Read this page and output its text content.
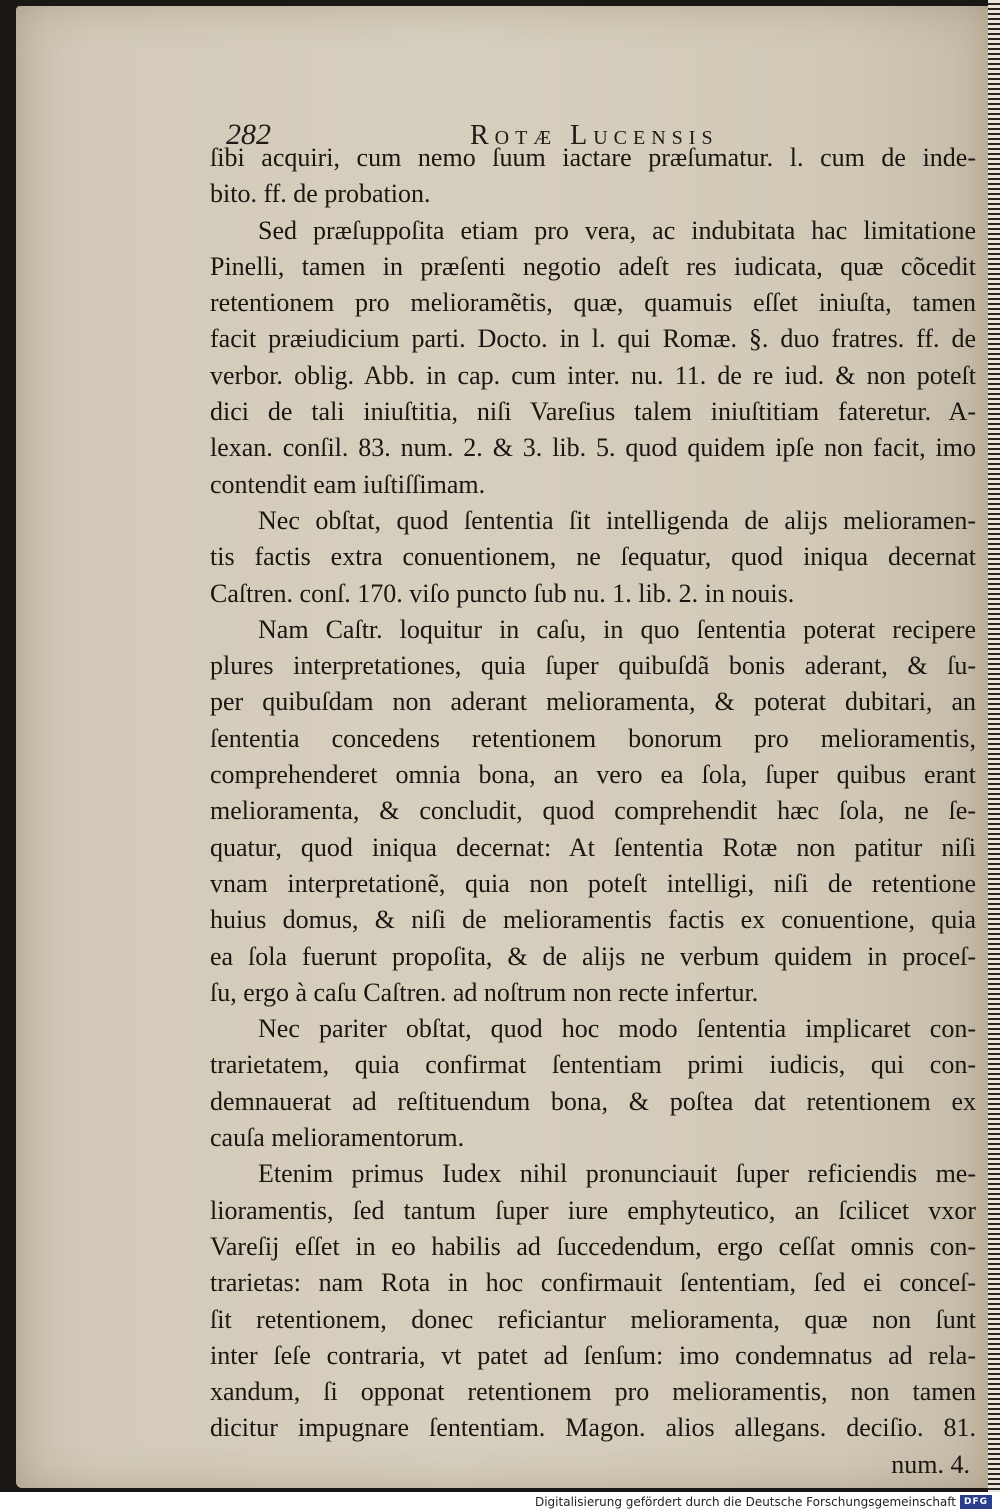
282	Rotæ Lucensis
ſibi acquiri, cum nemo ſuum iactare præſumatur. l. cum de inde-
bito. ff. de probation.
Sed præſuppoſita etiam pro vera, ac indubitata hac limitatione
Pinelli, tamen in præſenti negotio adeſt res iudicata, quæ cõcedit
retentionem pro melioramẽtis, quæ, quamuis eſſet iniuſta, tamen
facit præiudicium parti. Docto. in l. qui Romæ. §. duo fratres. ff. de
verbor. oblig. Abb. in cap. cum inter. nu. 11. de re iud. & non poteſt
dici de tali iniuſtitia, niſi Vareſius talem iniuſtitiam fateretur. A-
lexan. conſil. 83. num. 2. & 3. lib. 5. quod quidem ipſe non facit, imo
contendit eam iuſtiſſimam.
Nec obſtat, quod ſententia ſit intelligenda de alijs melioramen-
tis factis extra conuentionem, ne ſequatur, quod iniqua decernat
Caſtren. conſ. 170. viſo puncto ſub nu. 1. lib. 2. in nouis.
Nam Caſtr. loquitur in caſu, in quo ſententia poterat recipere
plures interpretationes, quia ſuper quibuſdã bonis aderant, & ſu-
per quibuſdam non aderant melioramenta, & poterat dubitari, an
ſententia concedens retentionem bonorum pro melioramentis,
comprehenderet omnia bona, an vero ea ſola, ſuper quibus erant
melioramenta, & concludit, quod comprehendit hæc ſola, ne ſe-
quatur, quod iniqua decernat: At ſententia Rotæ non patitur niſi
vnam interpretationẽ, quia non poteſt intelligi, niſi de retentione
huius domus, & niſi de melioramentis factis ex conuentione, quia
ea ſola fuerunt propoſita, & de alijs ne verbum quidem in proceſ-
ſu, ergo à caſu Caſtren. ad noſtrum non recte infertur.
Nec pariter obſtat, quod hoc modo ſententia implicaret con-
trarietatem, quia confirmat ſententiam primi iudicis, qui con-
demnauerat ad reſtituendum bona, & poſtea dat retentionem ex
cauſa melioramentorum.
Etenim primus Iudex nihil pronunciauit ſuper reficiendis me-
lioramentis, ſed tantum ſuper iure emphyteutico, an ſcilicet vxor
Vareſij eſſet in eo habilis ad ſuccedendum, ergo ceſſat omnis con-
trarietas: nam Rota in hoc confirmauit ſententiam, ſed ei conceſ-
ſit retentionem, donec reficiantur melioramenta, quæ non ſunt
inter ſeſe contraria, vt patet ad ſenſum: imo condemnatus ad rela-
xandum, ſi opponat retentionem pro melioramentis, non tamen
dicitur impugnare ſententiam. Magon. alios allegans. deciſio. 81.
num. 4.
Digitalisierung gefördert durch die Deutsche Forschungsgemeinschaft DFG
